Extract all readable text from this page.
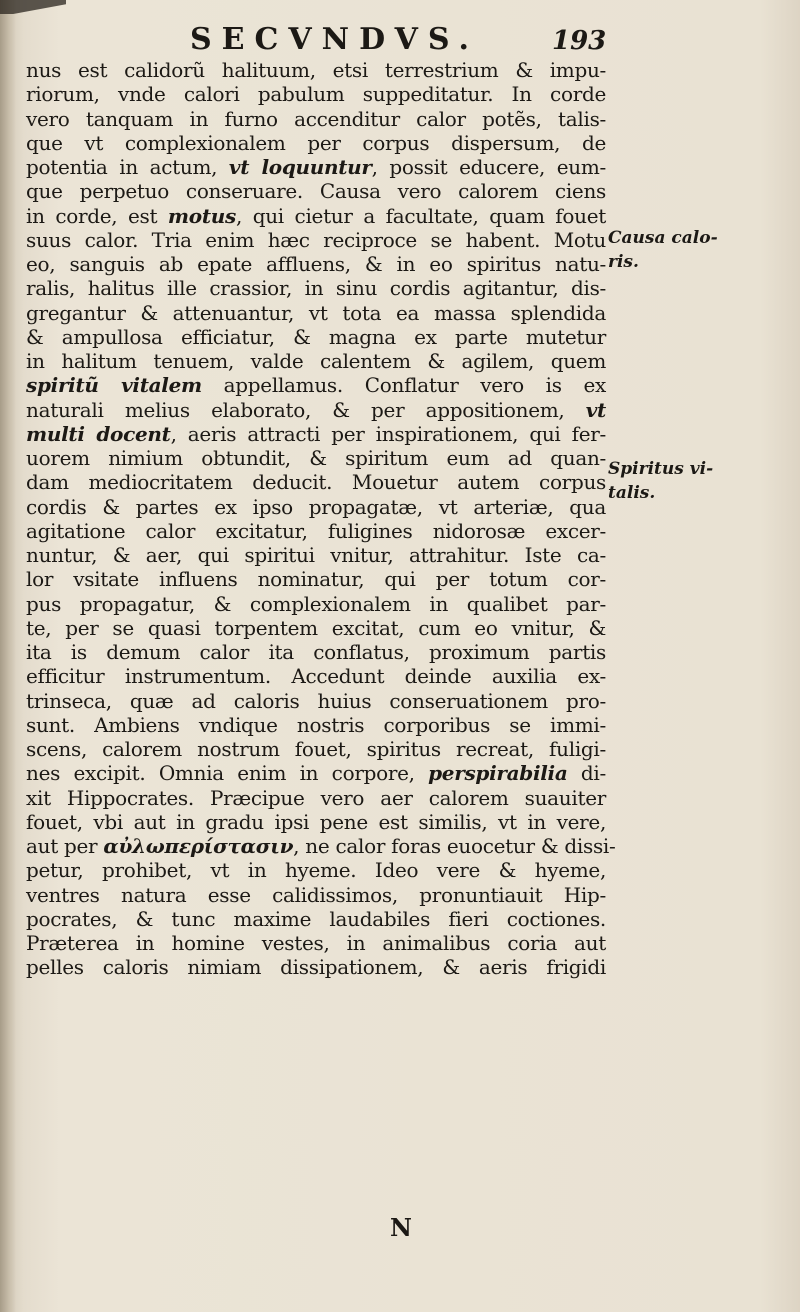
SECVNDVS.	193
nus est calidorũ halituum, etsi terrestrium & impu-
riorum, vnde calori pabulum suppeditatur. In corde
vero tanquam in furno accenditur calor potẽs, talis-
que vt complexionalem per corpus dispersum, de
potentia in actum, vt loquuntur, possit educere, eum-
que perpetuo conseruare. Causa vero calorem ciens
in corde, est motus, qui cietur a facultate, quam fouet
suus calor. Tria enim hæc reciproce se habent. Motu
eo, sanguis ab epate affluens, & in eo spiritus natu-
ralis, halitus ille crassior, in sinu cordis agitantur, dis-
gregantur & attenuantur, vt tota ea massa splendida
& ampullosa efficiatur, & magna ex parte mutetur
in halitum tenuem, valde calentem & agilem, quem
spiritũ vitalem appellamus. Conflatur vero is ex
naturali melius elaborato, & per appositionem, vt
multi docent, aeris attracti per inspirationem, qui fer-
uorem nimium obtundit, & spiritum eum ad quan-
dam mediocritatem deducit. Mouetur autem corpus
cordis & partes ex ipso propagatæ, vt arteriæ, qua
agitatione calor excitatur, fuligines nidorosæ excer-
nuntur, & aer, qui spiritui vnitur, attrahitur. Iste ca-
lor vsitate influens nominatur, qui per totum cor-
pus propagatur, & complexionalem in qualibet par-
te, per se quasi torpentem excitat, cum eo vnitur, &
ita is demum calor ita conflatus, proximum partis
efficitur instrumentum. Accedunt deinde auxilia ex-
trinseca, quæ ad caloris huius conseruationem pro-
sunt. Ambiens vndique nostris corporibus se immi-
scens, calorem nostrum fouet, spiritus recreat, fuligi-
nes excipit. Omnia enim in corpore, perspirabilia di-
xit Hippocrates. Præcipue vero aer calorem suauiter
fouet, vbi aut in gradu ipsi pene est similis, vt in vere,
aut per αὐλωπερίστασιν, ne calor foras euocetur & dissi-
petur, prohibet, vt in hyeme. Ideo vere & hyeme,
ventres natura esse calidissimos, pronuntiauit Hip-
pocrates, & tunc maxime laudabiles fieri coctiones.
Præterea in homine vestes, in animalibus coria aut
pelles caloris nimiam dissipationem, & aeris frigidi
Causa calo-
ris.
Spiritus vi-
talis.
N
